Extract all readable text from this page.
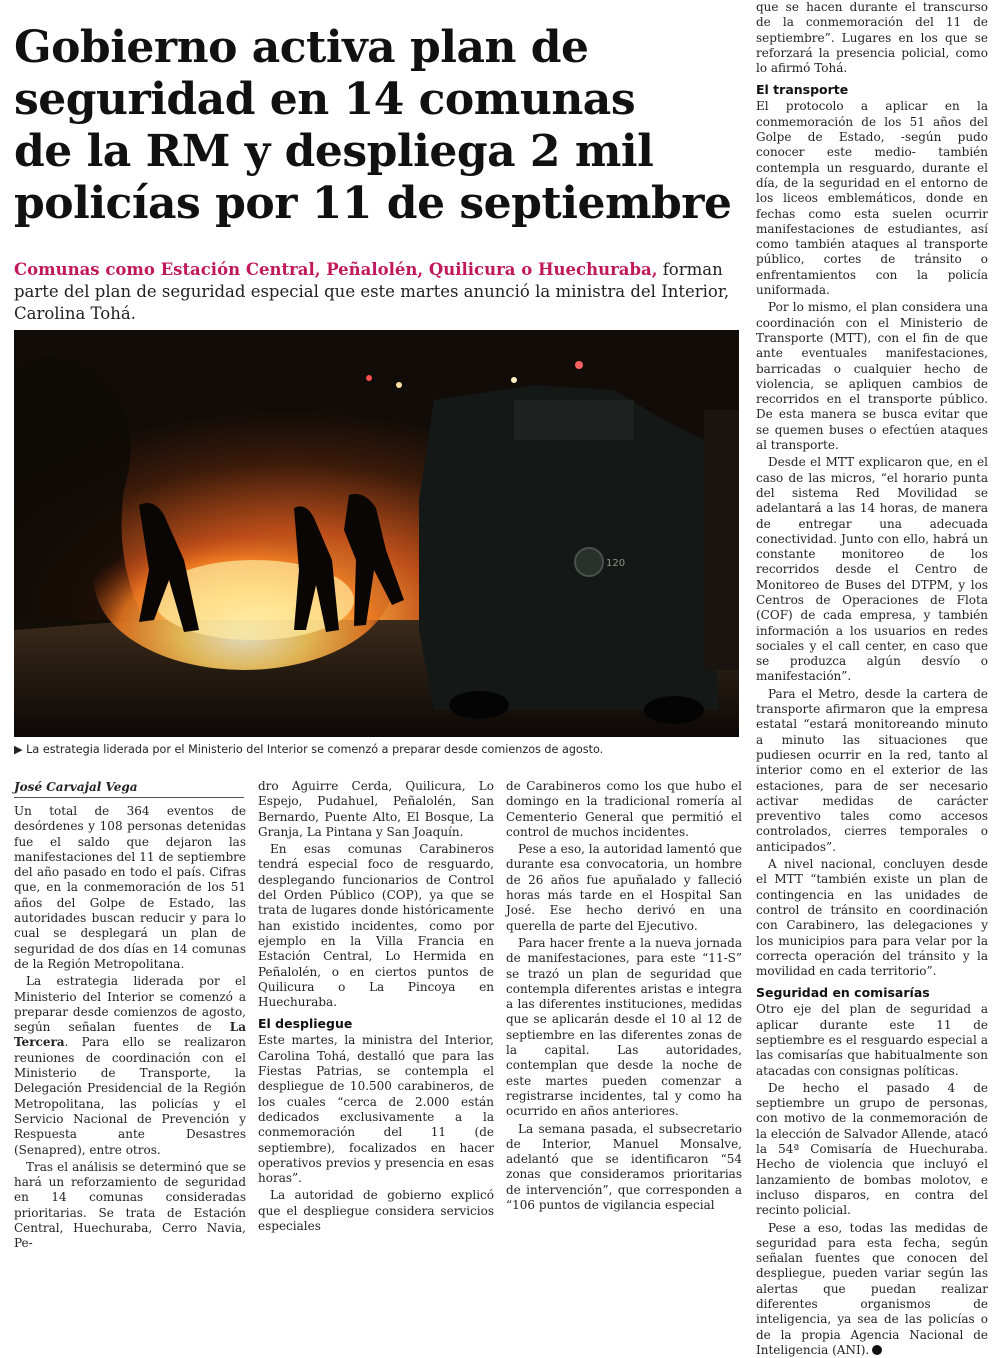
Gobierno activa plan de
seguridad en 14 comunas
de la RM y despliega 2 mil
policías por 11 de septiembre
Comunas como Estación Central, Peñalolén, Quilicura o Huechuraba, forman parte del plan de seguridad especial que este martes anunció la ministra del Interior, Carolina Tohá.
120
▶ La estrategia liderada por el Ministerio del Interior se comenzó a preparar desde comienzos de agosto.
José Carvajal Vega

Un total de 364 eventos de desórdenes y 108 personas detenidas fue el saldo que dejaron las manifestaciones del 11 de septiembre del año pasado en todo el país. Cifras que, en la conmemoración de los 51 años del Golpe de Estado, las autoridades buscan reducir y para lo cual se desplegará un plan de seguridad de dos días en 14 comunas de la Región Metropolitana.

La estrategia liderada por el Ministerio del Interior se comenzó a preparar desde comienzos de agosto, según señalan fuentes de La Tercera. Para ello se realizaron reuniones de coordinación con el Ministerio de Transporte, la Delegación Presidencial de la Región Metropolitana, las policías y el Servicio Nacional de Prevención y Respuesta ante Desastres (Senapred), entre otros.

Tras el análisis se determinó que se hará un reforzamiento de seguridad en 14 comunas consideradas prioritarias. Se trata de Estación Central, Huechuraba, Cerro Navia, Pe-

dro Aguirre Cerda, Quilicura, Lo Espejo, Pudahuel, Peñalolén, San Bernardo, Puente Alto, El Bosque, La Granja, La Pintana y San Joaquín.

En esas comunas Carabineros tendrá especial foco de resguardo, desplegando funcionarios de Control del Orden Público (COP), ya que se trata de lugares donde históricamente han existido incidentes, como por ejemplo en la Villa Francia en Estación Central, Lo Hermida en Peñalolén, o en ciertos puntos de Quilicura o La Pincoya en Huechuraba.

El despliegue

Este martes, la ministra del Interior, Carolina Tohá, destalló que para las Fiestas Patrias, se contempla el despliegue de 10.500 carabineros, de los cuales “cerca de 2.000 están dedicados exclusivamente a la conmemoración del 11 (de septiembre), focalizados en hacer operativos previos y presencia en esas horas”.

La autoridad de gobierno explicó que el despliegue considera servicios especiales

de Carabineros como los que hubo el domingo en la tradicional romería al Cementerio General que permitió el control de muchos incidentes.

Pese a eso, la autoridad lamentó que durante esa convocatoria, un hombre de 26 años fue apuñalado y falleció horas más tarde en el Hospital San José. Ese hecho derivó en una querella de parte del Ejecutivo.

Para hacer frente a la nueva jornada de manifestaciones, para este “11-S” se trazó un plan de seguridad que contempla diferentes aristas e integra a las diferentes instituciones, medidas que se aplicarán desde el 10 al 12 de septiembre en las diferentes zonas de la capital. Las autoridades, contemplan que desde la noche de este martes pueden comenzar a registrarse incidentes, tal y como ha ocurrido en años anteriores.

La semana pasada, el subsecretario de Interior, Manuel Monsalve, adelantó que se identificaron “54 zonas que consideramos prioritarias de intervención”, que corresponden a “106 puntos de vigilancia especial

que se hacen durante el transcurso de la conmemoración del 11 de septiembre”. Lugares en los que se reforzará la presencia policial, como lo afirmó Tohá.

El transporte

El protocolo a aplicar en la conmemoración de los 51 años del Golpe de Estado, -según pudo conocer este medio- también contempla un resguardo, durante el día, de la seguridad en el entorno de los liceos emblemáticos, donde en fechas como esta suelen ocurrir manifestaciones de estudiantes, así como también ataques al transporte público, cortes de tránsito o enfrentamientos con la policía uniformada.

Por lo mismo, el plan considera una coordinación con el Ministerio de Transporte (MTT), con el fin de que ante eventuales manifestaciones, barricadas o cualquier hecho de violencia, se apliquen cambios de recorridos en el transporte público. De esta manera se busca evitar que se quemen buses o efectúen ataques al transporte.

Desde el MTT explicaron que, en el caso de las micros, “el horario punta del sistema Red Movilidad se adelantará a las 14 horas, de manera de entregar una adecuada conectividad. Junto con ello, habrá un constante monitoreo de los recorridos desde el Centro de Monitoreo de Buses del DTPM, y los Centros de Operaciones de Flota (COF) de cada empresa, y también información a los usuarios en redes sociales y el call center, en caso que se produzca algún desvío o manifestación”.

Para el Metro, desde la cartera de transporte afirmaron que la empresa estatal “estará monitoreando minuto a minuto las situaciones que pudiesen ocurrir en la red, tanto al interior como en el exterior de las estaciones, para de ser necesario activar medidas de carácter preventivo tales como accesos controlados, cierres temporales o anticipados”.

A nivel nacional, concluyen desde el MTT “también existe un plan de contingencia en las unidades de control de tránsito en coordinación con Carabinero, las delegaciones y los municipios para para velar por la correcta operación del tránsito y la movilidad en cada territorio”.

Seguridad en comisarías

Otro eje del plan de seguridad a aplicar durante este 11 de septiembre es el resguardo especial a las comisarías que habitualmente son atacadas con consignas políticas.

De hecho el pasado 4 de septiembre un grupo de personas, con motivo de la conmemoración de la elección de Salvador Allende, atacó la 54ª Comisaría de Huechuraba. Hecho de violencia que incluyó el lanzamiento de bombas molotov, e incluso disparos, en contra del recinto policial.

Pese a eso, todas las medidas de seguridad para esta fecha, según señalan fuentes que conocen del despliegue, pueden variar según las alertas que puedan realizar diferentes organismos de inteligencia, ya sea de las policías o de la propia Agencia Nacional de Inteligencia (ANI).
